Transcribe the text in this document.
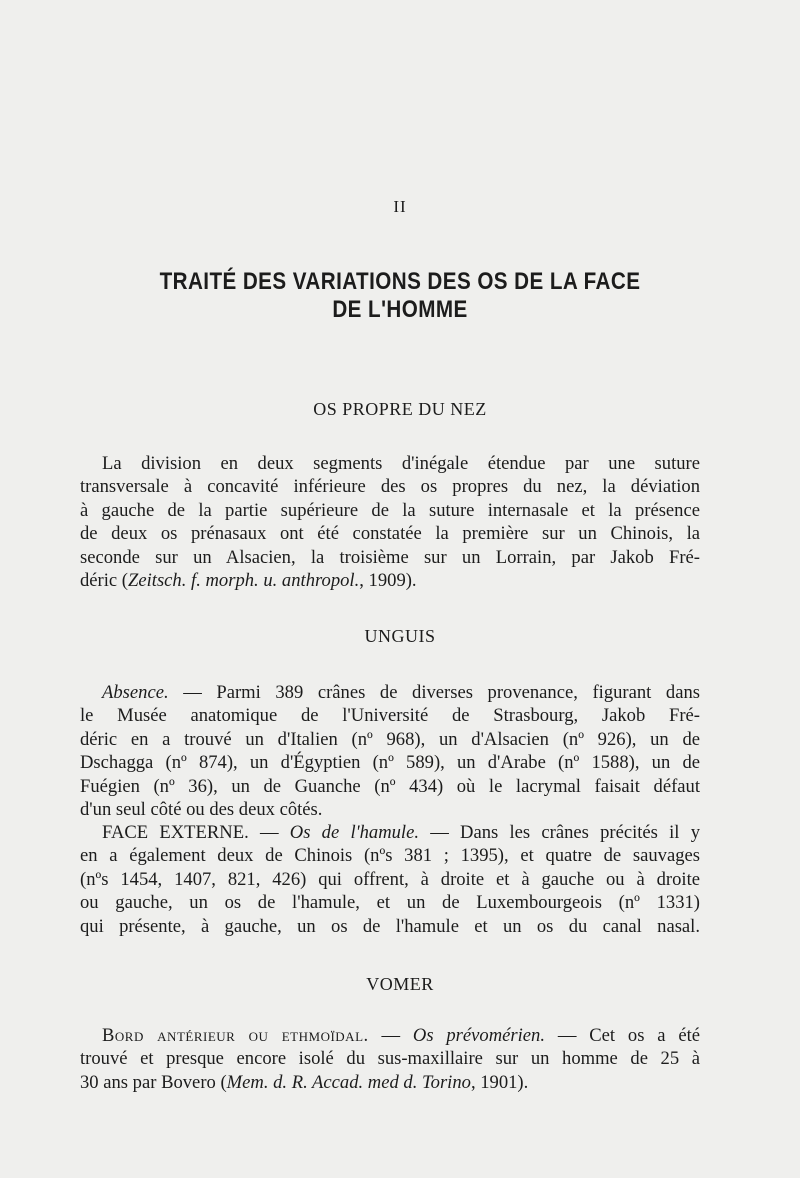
II
TRAITÉ DES VARIATIONS DES OS DE LA FACE
DE L'HOMME
OS PROPRE DU NEZ
La division en deux segments d'inégale étendue par une suture
transversale à concavité inférieure des os propres du nez, la déviation
à gauche de la partie supérieure de la suture internasale et la présence
de deux os prénasaux ont été constatée la première sur un Chinois, la
seconde sur un Alsacien, la troisième sur un Lorrain, par Jakob Fré-
déric (Zeitsch. f. morph. u. anthropol., 1909).
UNGUIS
Absence. — Parmi 389 crânes de diverses provenance, figurant dans
le Musée anatomique de l'Université de Strasbourg, Jakob Fré-
déric en a trouvé un d'Italien (nº 968), un d'Alsacien (nº 926), un de
Dschagga (nº 874), un d'Égyptien (nº 589), un d'Arabe (nº 1588), un de
Fuégien (nº 36), un de Guanche (nº 434) où le lacrymal faisait défaut
d'un seul côté ou des deux côtés.
FACE EXTERNE. — Os de l'hamule. — Dans les crânes précités il y
en a également deux de Chinois (nºs 381 ; 1395), et quatre de sauvages
(nºs 1454, 1407, 821, 426) qui offrent, à droite et à gauche ou à droite
ou gauche, un os de l'hamule, et un de Luxembourgeois (nº 1331)
qui présente, à gauche, un os de l'hamule et un os du canal nasal.
VOMER
Bord antérieur ou ethmoïdal. — Os prévomérien. — Cet os a été
trouvé et presque encore isolé du sus-maxillaire sur un homme de 25 à
30 ans par Bovero (Mem. d. R. Accad. med d. Torino, 1901).
